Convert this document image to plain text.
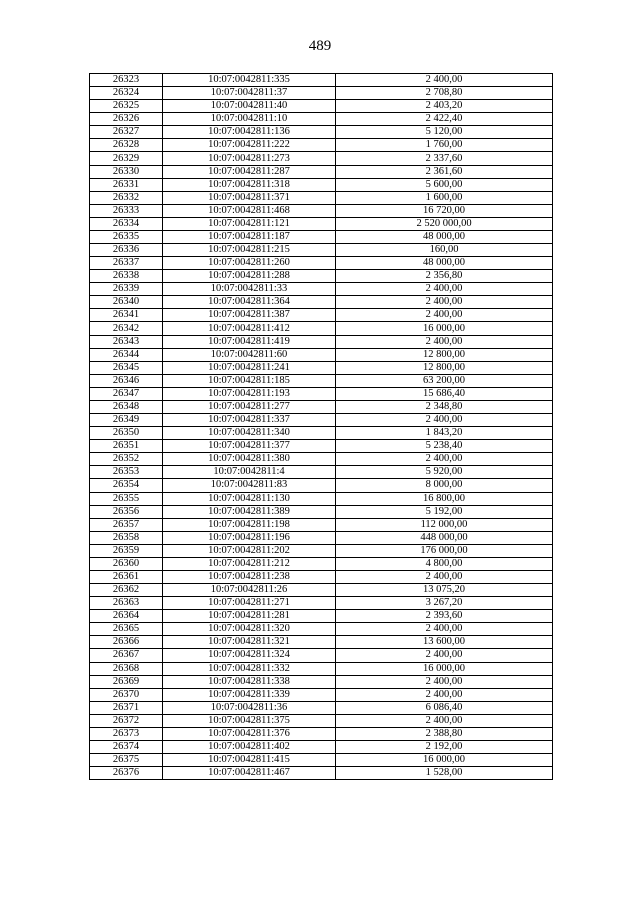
489
26323	10:07:0042811:335	2 400,00
26324	10:07:0042811:37	2 708,80
26325	10:07:0042811:40	2 403,20
26326	10:07:0042811:10	2 422,40
26327	10:07:0042811:136	5 120,00
26328	10:07:0042811:222	1 760,00
26329	10:07:0042811:273	2 337,60
26330	10:07:0042811:287	2 361,60
26331	10:07:0042811:318	5 600,00
26332	10:07:0042811:371	1 600,00
26333	10:07:0042811:468	16 720,00
26334	10:07:0042811:121	2 520 000,00
26335	10:07:0042811:187	48 000,00
26336	10:07:0042811:215	160,00
26337	10:07:0042811:260	48 000,00
26338	10:07:0042811:288	2 356,80
26339	10:07:0042811:33	2 400,00
26340	10:07:0042811:364	2 400,00
26341	10:07:0042811:387	2 400,00
26342	10:07:0042811:412	16 000,00
26343	10:07:0042811:419	2 400,00
26344	10:07:0042811:60	12 800,00
26345	10:07:0042811:241	12 800,00
26346	10:07:0042811:185	63 200,00
26347	10:07:0042811:193	15 686,40
26348	10:07:0042811:277	2 348,80
26349	10:07:0042811:337	2 400,00
26350	10:07:0042811:340	1 843,20
26351	10:07:0042811:377	5 238,40
26352	10:07:0042811:380	2 400,00
26353	10:07:0042811:4	5 920,00
26354	10:07:0042811:83	8 000,00
26355	10:07:0042811:130	16 800,00
26356	10:07:0042811:389	5 192,00
26357	10:07:0042811:198	112 000,00
26358	10:07:0042811:196	448 000,00
26359	10:07:0042811:202	176 000,00
26360	10:07:0042811:212	4 800,00
26361	10:07:0042811:238	2 400,00
26362	10:07:0042811:26	13 075,20
26363	10:07:0042811:271	3 267,20
26364	10:07:0042811:281	2 393,60
26365	10:07:0042811:320	2 400,00
26366	10:07:0042811:321	13 600,00
26367	10:07:0042811:324	2 400,00
26368	10:07:0042811:332	16 000,00
26369	10:07:0042811:338	2 400,00
26370	10:07:0042811:339	2 400,00
26371	10:07:0042811:36	6 086,40
26372	10:07:0042811:375	2 400,00
26373	10:07:0042811:376	2 388,80
26374	10:07:0042811:402	2 192,00
26375	10:07:0042811:415	16 000,00
26376	10:07:0042811:467	1 528,00
